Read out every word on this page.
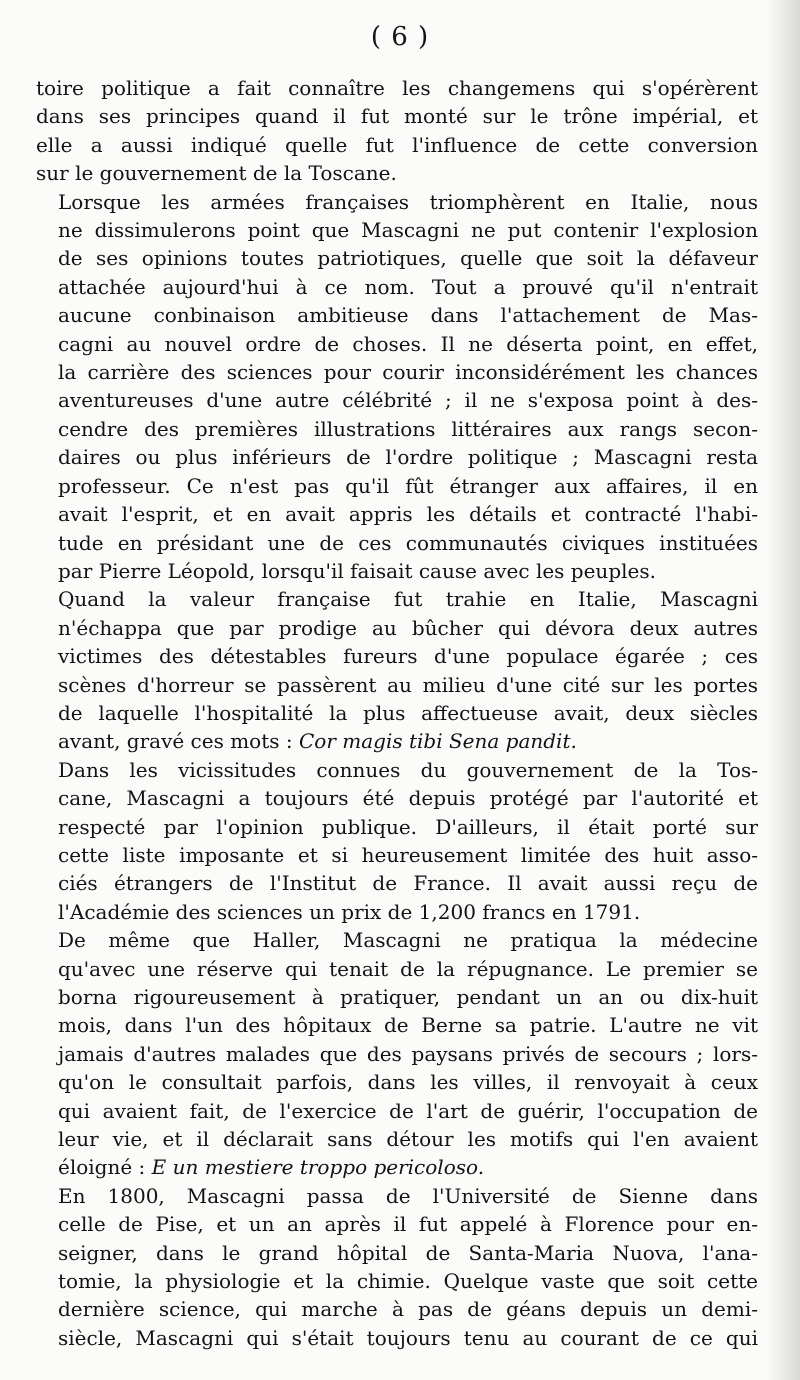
( 6 )

toire politique a fait connaître les changemens qui s'opérèrent
dans ses principes quand il fut monté sur le trône impérial, et
elle a aussi indiqué quelle fut l'influence de cette conversion
sur le gouvernement de la Toscane.

Lorsque les armées françaises triomphèrent en Italie, nous
ne dissimulerons point que Mascagni ne put contenir l'explosion
de ses opinions toutes patriotiques, quelle que soit la défaveur
attachée aujourd'hui à ce nom. Tout a prouvé qu'il n'entrait
aucune conbinaison ambitieuse dans l'attachement de Mas-
cagni au nouvel ordre de choses. Il ne déserta point, en effet,
la carrière des sciences pour courir inconsidérément les chances
aventureuses d'une autre célébrité ; il ne s'exposa point à des-
cendre des premières illustrations littéraires aux rangs secon-
daires ou plus inférieurs de l'ordre politique ; Mascagni resta
professeur. Ce n'est pas qu'il fût étranger aux affaires, il en
avait l'esprit, et en avait appris les détails et contracté l'habi-
tude en présidant une de ces communautés civiques instituées
par Pierre Léopold, lorsqu'il faisait cause avec les peuples.

Quand la valeur française fut trahie en Italie, Mascagni
n'échappa que par prodige au bûcher qui dévora deux autres
victimes des détestables fureurs d'une populace égarée ; ces
scènes d'horreur se passèrent au milieu d'une cité sur les portes
de laquelle l'hospitalité la plus affectueuse avait, deux siècles
avant, gravé ces mots : Cor magis tibi Sena pandit.

Dans les vicissitudes connues du gouvernement de la Tos-
cane, Mascagni a toujours été depuis protégé par l'autorité et
respecté par l'opinion publique. D'ailleurs, il était porté sur
cette liste imposante et si heureusement limitée des huit asso-
ciés étrangers de l'Institut de France. Il avait aussi reçu de
l'Académie des sciences un prix de 1,200 francs en 1791.

De même que Haller, Mascagni ne pratiqua la médecine
qu'avec une réserve qui tenait de la répugnance. Le premier se
borna rigoureusement à pratiquer, pendant un an ou dix-huit
mois, dans l'un des hôpitaux de Berne sa patrie. L'autre ne vit
jamais d'autres malades que des paysans privés de secours ; lors-
qu'on le consultait parfois, dans les villes, il renvoyait à ceux
qui avaient fait, de l'exercice de l'art de guérir, l'occupation de
leur vie, et il déclarait sans détour les motifs qui l'en avaient
éloigné : E un mestiere troppo pericoloso.

En 1800, Mascagni passa de l'Université de Sienne dans
celle de Pise, et un an après il fut appelé à Florence pour en-
seigner, dans le grand hôpital de Santa-Maria Nuova, l'ana-
tomie, la physiologie et la chimie. Quelque vaste que soit cette
dernière science, qui marche à pas de géans depuis un demi-
siècle, Mascagni qui s'était toujours tenu au courant de ce qui
